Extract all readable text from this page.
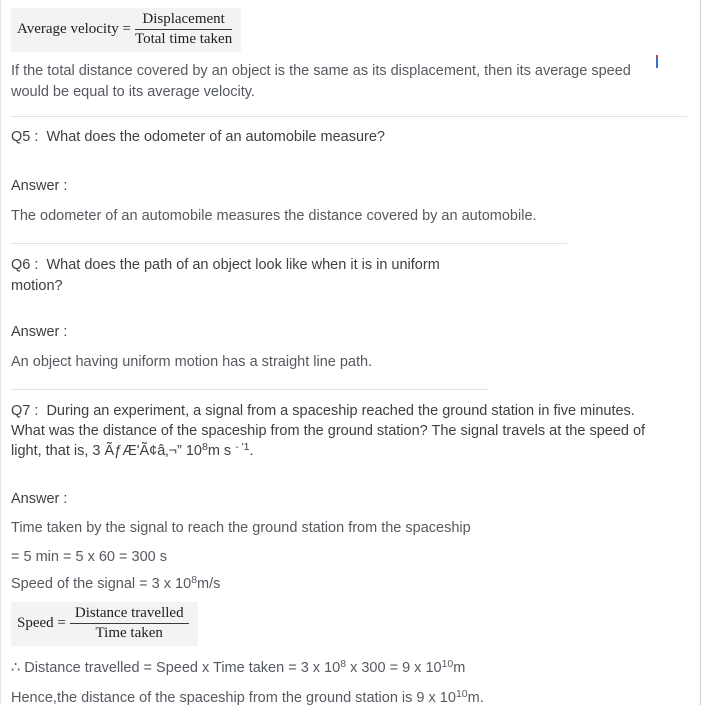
Average velocity = $\frac{\text{Displacement}}{\text{Total time taken}}$
If the total distance covered by an object is the same as its displacement, then its average speed
would be equal to its average velocity.
Q5 :  What does the odometer of an automobile measure?
Answer :
The odometer of an automobile measures the distance covered by an automobile.
Q6 :  What does the path of an object look like when it is in uniform
motion?
Answer :
An object having uniform motion has a straight line path.
Q7 :  During an experiment, a signal from a spaceship reached the ground station in five minutes.
What was the distance of the spaceship from the ground station? The signal travels at the speed of
light, that is, 3 ÃƒÆ'Ã¢â‚¬” $10^8m$ s $^{- '1}$.
Answer :
Time taken by the signal to reach the ground station from the spaceship
= 5 min = 5 x 60 = 300 s
Speed of the signal = 3 x $10^8m/s$
Speed = $\frac{\text{Distance travelled}}{\text{Time taken}}$
∴ Distance travelled = Speed x Time taken = 3 x $10^8$ x 300 = 9 x $10^{10}m$
Hence,the distance of the spaceship from the ground station is 9 x $10^{10}m$.
